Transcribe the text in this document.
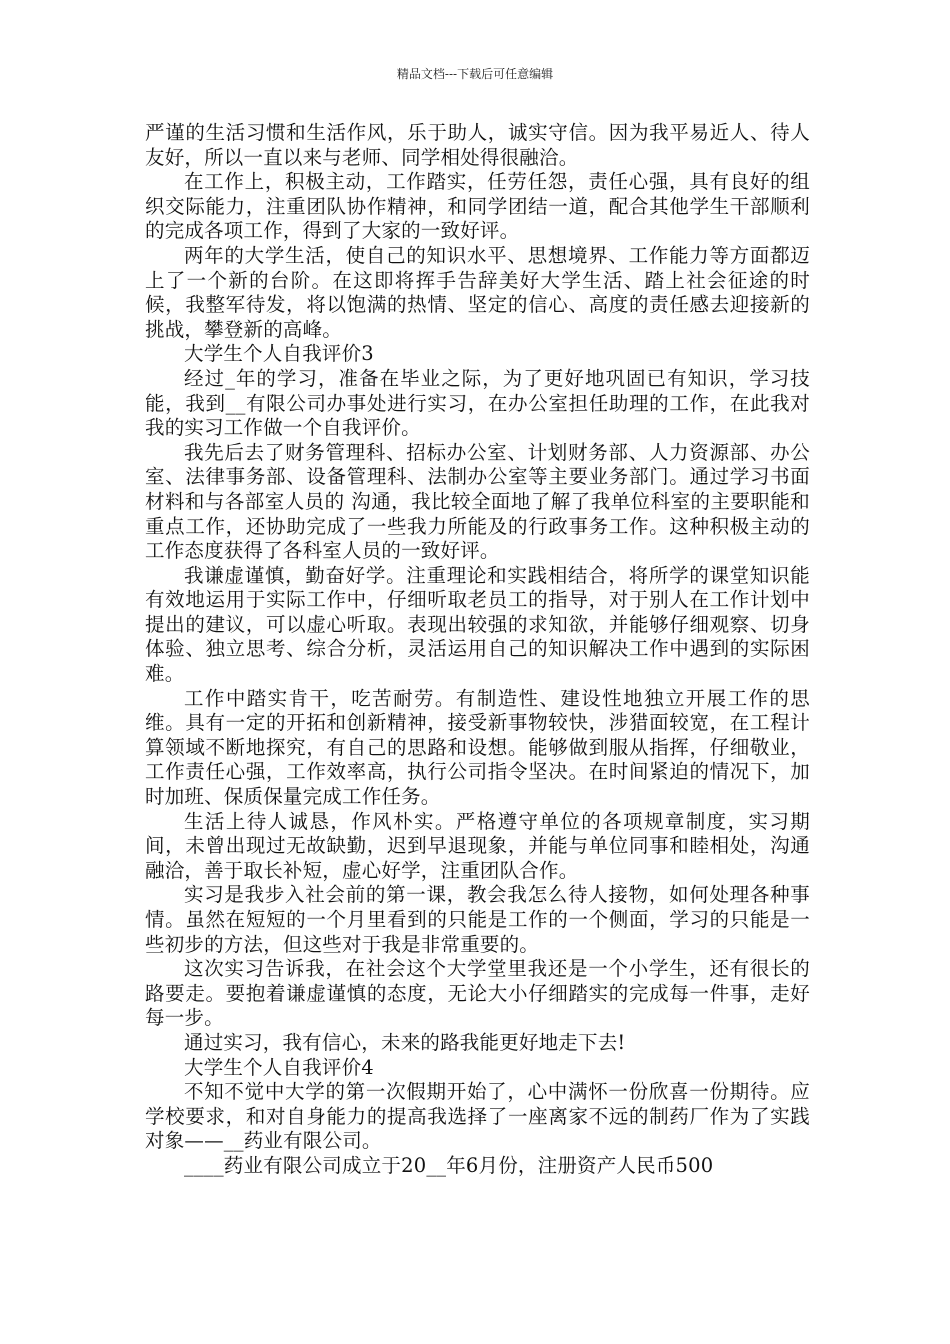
精品文档---下载后可任意编辑

严谨的生活习惯和生活作风，乐于助人，诚实守信。因为我平易近人、待人友好，所以一直以来与老师、同学相处得很融洽。

在工作上，积极主动，工作踏实，任劳任怨，责任心强，具有良好的组织交际能力，注重团队协作精神，和同学团结一道，配合其他学生干部顺利的完成各项工作，得到了大家的一致好评。

两年的大学生活，使自己的知识水平、思想境界、工作能力等方面都迈上了一个新的台阶。在这即将挥手告辞美好大学生活、踏上社会征途的时候，我整军待发，将以饱满的热情、坚定的信心、高度的责任感去迎接新的挑战，攀登新的高峰。

大学生个人自我评价3

经过_年的学习，准备在毕业之际，为了更好地巩固已有知识，学习技能，我到__有限公司办事处进行实习，在办公室担任助理的工作，在此我对我的实习工作做一个自我评价。

我先后去了财务管理科、招标办公室、计划财务部、人力资源部、办公室、法律事务部、设备管理科、法制办公室等主要业务部门。通过学习书面材料和与各部室人员的 沟通，我比较全面地了解了我单位科室的主要职能和重点工作，还协助完成了一些我力所能及的行政事务工作。这种积极主动的工作态度获得了各科室人员的一致好评。

我谦虚谨慎，勤奋好学。注重理论和实践相结合，将所学的课堂知识能有效地运用于实际工作中，仔细听取老员工的指导，对于别人在工作计划中提出的建议，可以虚心听取。表现出较强的求知欲，并能够仔细观察、切身体验、独立思考、综合分析，灵活运用自己的知识解决工作中遇到的实际困难。

工作中踏实肯干，吃苦耐劳。有制造性、建设性地独立开展工作的思维。具有一定的开拓和创新精神，接受新事物较快，涉猎面较宽，在工程计算领域不断地探究，有自己的思路和设想。能够做到服从指挥，仔细敬业，工作责任心强，工作效率高，执行公司指令坚决。在时间紧迫的情况下，加时加班、保质保量完成工作任务。

生活上待人诚恳，作风朴实。严格遵守单位的各项规章制度，实习期间，未曾出现过无故缺勤，迟到早退现象，并能与单位同事和睦相处，沟通融洽，善于取长补短，虚心好学，注重团队合作。

实习是我步入社会前的第一课，教会我怎么待人接物，如何处理各种事情。虽然在短短的一个月里看到的只能是工作的一个侧面，学习的只能是一些初步的方法，但这些对于我是非常重要的。

这次实习告诉我，在社会这个大学堂里我还是一个小学生，还有很长的路要走。要抱着谦虚谨慎的态度，无论大小仔细踏实的完成每一件事，走好每一步。

通过实习，我有信心，未来的路我能更好地走下去!

大学生个人自我评价4

不知不觉中大学的第一次假期开始了，心中满怀一份欣喜一份期待。应学校要求，和对自身能力的提高我选择了一座离家不远的制药厂作为了实践对象——__药业有限公司。

____药业有限公司成立于20__年6月份，注册资产人民币500
